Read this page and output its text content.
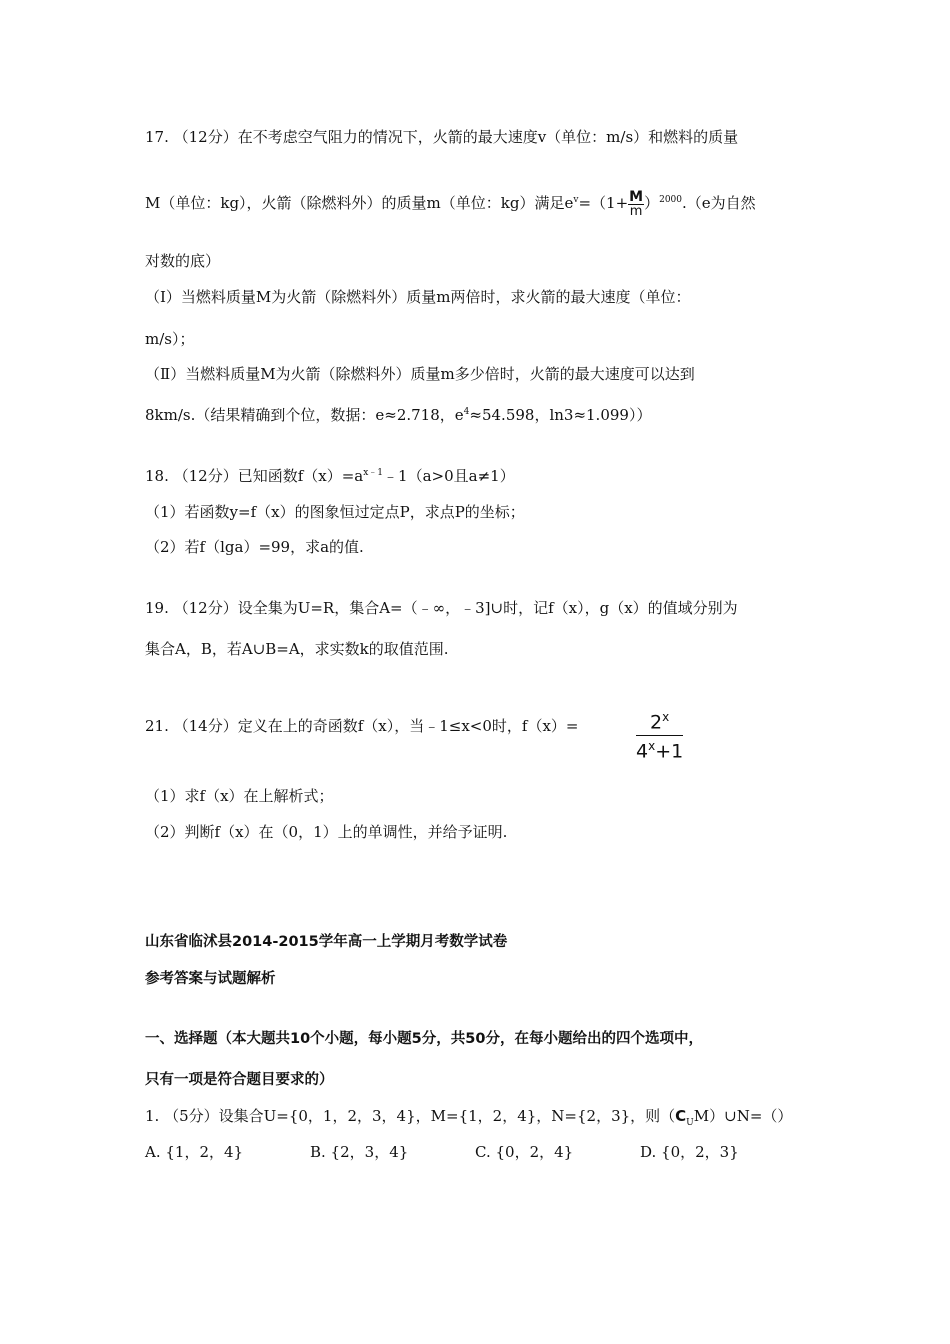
17. （12分）在不考虑空气阻力的情况下，火箭的最大速度v（单位：m/s）和燃料的质量
M（单位：kg），火箭（除燃料外）的质量m（单位：kg）满足$e^v=(1+ \frac{M}{m} )^{2000}.(e$为自然
对数的底）
（Ⅰ）当燃料质量M为火箭（除燃料外）质量m两倍时，求火箭的最大速度（单位：
m/s）；
（Ⅱ）当燃料质量M为火箭（除燃料外）质量m多少倍时，火箭的最大速度可以达到
8km/s.（结果精确到个位，数据：e≈2.718，$e^4\approx 54.598$，ln3≈1.099））
18. （12分）已知函数$f(x)=a^{x﹣1}﹣1(a>0$且a≠1）
（1）若函数y=f（x）的图象恒过定点P，求点P的坐标；
（2）若f（lga）=99，求a的值.
19. （12分）设全集为U=R，集合A=（﹣∞，﹣3]∪时，记f（x），g（x）的值域分别为
集合A，B，若A∪B=A，求实数k的取值范围.
21. （14分）定义在上的奇函数f（x），当﹣1≤x<0时，f（x）=	$\frac{2^x}{4^x+1}$
（1）求f（x）在上解析式；
（2）判断f（x）在（0，1）上的单调性，并给予证明.
山东省临沭县2014-2015学年高一上学期月考数学试卷
参考答案与试题解析
一、选择题（本大题共10个小题，每小题5分，共50分，在每小题给出的四个选项中，
只有一项是符合题目要求的）
1. （5分）设集合U={0，1，2，3，4}，M={1，2，4}，N={2，3}，则$(C_UM)\cup N=()$
A. {1，2，4}	B. {2，3，4}	C. {0，2，4}	D. {0，2，3}
